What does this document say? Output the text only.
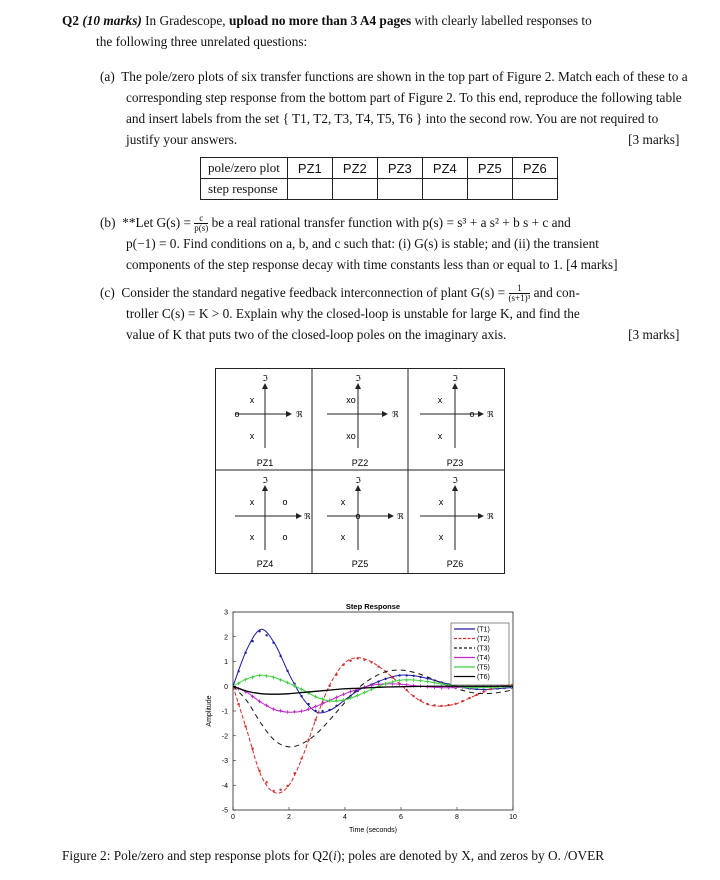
Q2 (10 marks) In Gradescope, upload no more than 3 A4 pages with clearly labelled responses to
the following three unrelated questions:
(a) The pole/zero plots of six transfer functions are shown in the top part of Figure 2. Match each of these to a corresponding step response from the bottom part of Figure 2. To this end, reproduce the following table and insert labels from the set { T1, T2, T3, T4, T5, T6 } into the second row. You are not required to justify your answers.	[3 marks]
pole/zero plot	PZ1	PZ2	PZ3	PZ4	PZ5	PZ6
step response						
(b) **Let $G(s) = \frac{c}{p(s)}$ be a real rational transfer function with p(s) = s³ + a s² + b s + c and
p(−1) = 0. Find conditions on a, b, and c such that: (i) G(s) is stable; and (ii) the transient
components of the step response decay with time constants less than or equal to 1. [4 marks]
(c) Consider the standard negative feedback interconnection of plant $G(s) = \frac{1}{\text{(s+1)³}}$ and con-
troller C(s) = K > 0. Explain why the closed-loop is unstable for large K, and find the
value of K that puts two of the closed-loop poles on the imaginary axis.	[3 marks]
ℑ
ℜ
x
x
o
PZ1
ℑ
ℜ
xo
xo
PZ2
ℑ
ℜ
x
x
o
PZ3
ℑ
ℜ
x
x
o
o
PZ4
ℑ
ℜ
x
x
o
PZ5
ℑ
ℜ
x
x
PZ6
Step Response
Time (seconds)
Amplitude
0	2	4	6	8	10
3
2
1
0
-1
-2
-3
-4
-5
(T1)
(T2)
(T3)
(T4)
(T5)
(T6)
Figure 2: Pole/zero and step response plots for Q2(i); poles are denoted by X, and zeros by O. /OVER
